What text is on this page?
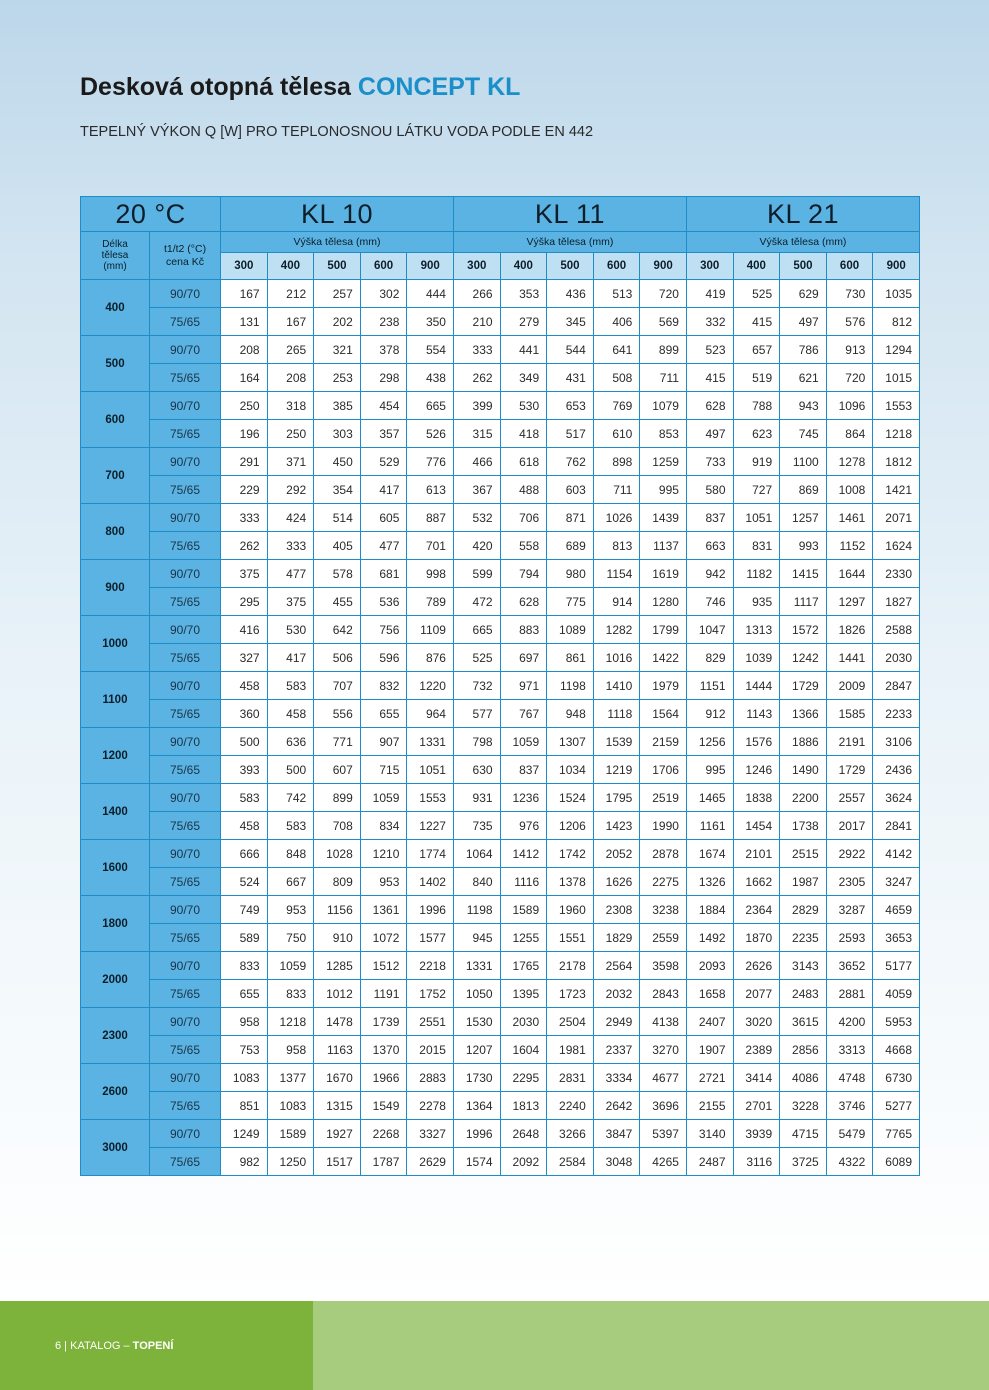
Desková otopná tělesa CONCEPT KL
TEPELNÝ VÝKON Q [W] PRO TEPLONOSNOU LÁTKU VODA PODLE EN 442
20 °C		KL 10					KL 11					KL 21				
Délka tělesa (mm)	t1/t2 (°C) cena Kč	Výška tělesa (mm)					Výška tělesa (mm)					Výška tělesa (mm)				
		300	400	500	600	900	300	400	500	600	900	300	400	500	600	900
400	90/70	167	212	257	302	444	266	353	436	513	720	419	525	629	730	1035
	75/65	131	167	202	238	350	210	279	345	406	569	332	415	497	576	812
500	90/70	208	265	321	378	554	333	441	544	641	899	523	657	786	913	1294
	75/65	164	208	253	298	438	262	349	431	508	711	415	519	621	720	1015
600	90/70	250	318	385	454	665	399	530	653	769	1079	628	788	943	1096	1553
	75/65	196	250	303	357	526	315	418	517	610	853	497	623	745	864	1218
700	90/70	291	371	450	529	776	466	618	762	898	1259	733	919	1100	1278	1812
	75/65	229	292	354	417	613	367	488	603	711	995	580	727	869	1008	1421
800	90/70	333	424	514	605	887	532	706	871	1026	1439	837	1051	1257	1461	2071
	75/65	262	333	405	477	701	420	558	689	813	1137	663	831	993	1152	1624
900	90/70	375	477	578	681	998	599	794	980	1154	1619	942	1182	1415	1644	2330
	75/65	295	375	455	536	789	472	628	775	914	1280	746	935	1117	1297	1827
1000	90/70	416	530	642	756	1109	665	883	1089	1282	1799	1047	1313	1572	1826	2588
	75/65	327	417	506	596	876	525	697	861	1016	1422	829	1039	1242	1441	2030
1100	90/70	458	583	707	832	1220	732	971	1198	1410	1979	1151	1444	1729	2009	2847
	75/65	360	458	556	655	964	577	767	948	1118	1564	912	1143	1366	1585	2233
1200	90/70	500	636	771	907	1331	798	1059	1307	1539	2159	1256	1576	1886	2191	3106
	75/65	393	500	607	715	1051	630	837	1034	1219	1706	995	1246	1490	1729	2436
1400	90/70	583	742	899	1059	1553	931	1236	1524	1795	2519	1465	1838	2200	2557	3624
	75/65	458	583	708	834	1227	735	976	1206	1423	1990	1161	1454	1738	2017	2841
1600	90/70	666	848	1028	1210	1774	1064	1412	1742	2052	2878	1674	2101	2515	2922	4142
	75/65	524	667	809	953	1402	840	1116	1378	1626	2275	1326	1662	1987	2305	3247
1800	90/70	749	953	1156	1361	1996	1198	1589	1960	2308	3238	1884	2364	2829	3287	4659
	75/65	589	750	910	1072	1577	945	1255	1551	1829	2559	1492	1870	2235	2593	3653
2000	90/70	833	1059	1285	1512	2218	1331	1765	2178	2564	3598	2093	2626	3143	3652	5177
	75/65	655	833	1012	1191	1752	1050	1395	1723	2032	2843	1658	2077	2483	2881	4059
2300	90/70	958	1218	1478	1739	2551	1530	2030	2504	2949	4138	2407	3020	3615	4200	5953
	75/65	753	958	1163	1370	2015	1207	1604	1981	2337	3270	1907	2389	2856	3313	4668
2600	90/70	1083	1377	1670	1966	2883	1730	2295	2831	3334	4677	2721	3414	4086	4748	6730
	75/65	851	1083	1315	1549	2278	1364	1813	2240	2642	3696	2155	2701	3228	3746	5277
3000	90/70	1249	1589	1927	2268	3327	1996	2648	3266	3847	5397	3140	3939	4715	5479	7765
	75/65	982	1250	1517	1787	2629	1574	2092	2584	3048	4265	2487	3116	3725	4322	6089
6 | KATALOG – TOPENÍ
